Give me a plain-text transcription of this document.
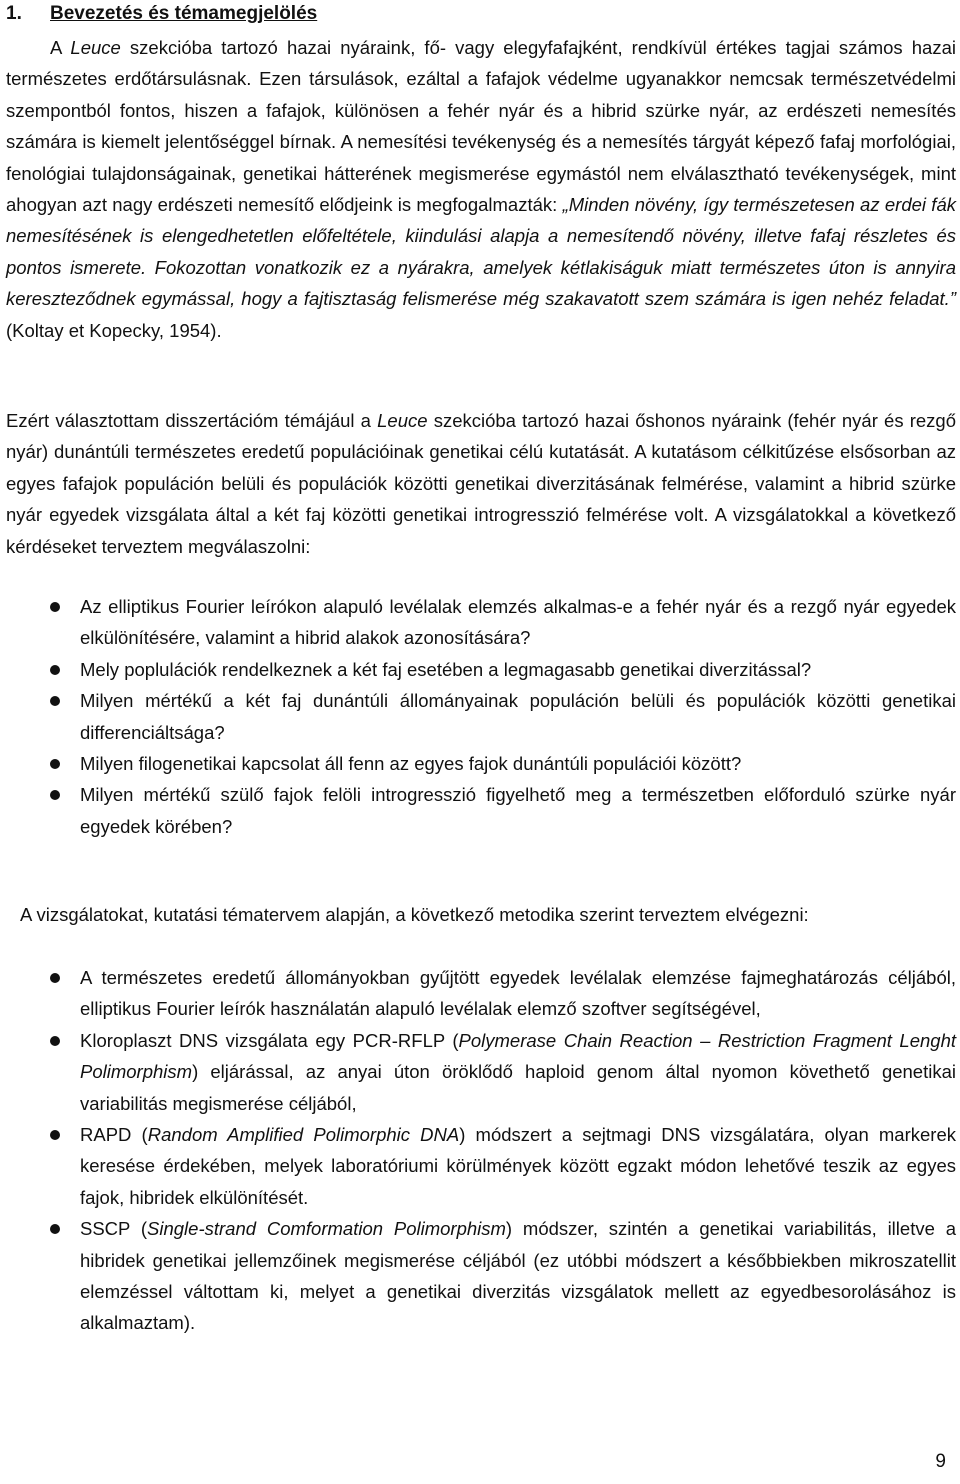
1. Bevezetés és témamegjelölés
A Leuce szekcióba tartozó hazai nyáraink, fő- vagy elegyfafajként, rendkívül értékes tagjai számos hazai természetes erdőtársulásnak. Ezen társulások, ezáltal a fafajok védelme ugyanakkor nemcsak természetvédelmi szempontból fontos, hiszen a fafajok, különösen a fehér nyár és a hibrid szürke nyár, az erdészeti nemesítés számára is kiemelt jelentőséggel bírnak. A nemesítési tevékenység és a nemesítés tárgyát képező fafaj morfológiai, fenológiai tulajdonságainak, genetikai hátterének megismerése egymástól nem elválasztható tevékenységek, mint ahogyan azt nagy erdészeti nemesítő elődjeink is megfogalmazták: „Minden növény, így természetesen az erdei fák nemesítésének is elengedhetetlen előfeltétele, kiindulási alapja a nemesítendő növény, illetve fafaj részletes és pontos ismerete. Fokozottan vonatkozik ez a nyárakra, amelyek kétlakiságuk miatt természetes úton is annyira kereszteződnek egymással, hogy a fajtisztaság felismerése még szakavatott szem számára is igen nehéz feladat.” (Koltay et Kopecky, 1954).
Ezért választottam disszertációm témájául a Leuce szekcióba tartozó hazai őshonos nyáraink (fehér nyár és rezgő nyár) dunántúli természetes eredetű populációinak genetikai célú kutatását. A kutatásom célkitűzése elsősorban az egyes fafajok populáción belüli és populációk közötti genetikai diverzitásának felmérése, valamint a hibrid szürke nyár egyedek vizsgálata által a két faj közötti genetikai introgresszió felmérése volt. A vizsgálatokkal a következő kérdéseket terveztem megválaszolni:
Az elliptikus Fourier leírókon alapuló levélalak elemzés alkalmas-e a fehér nyár és a rezgő nyár egyedek elkülönítésére, valamint a hibrid alakok azonosítására?
Mely poplulációk rendelkeznek a két faj esetében a legmagasabb genetikai diverzitással?
Milyen mértékű a két faj dunántúli állományainak populáción belüli és populációk közötti genetikai differenciáltsága?
Milyen filogenetikai kapcsolat áll fenn az egyes fajok dunántúli populációi között?
Milyen mértékű szülő fajok felöli introgresszió figyelhető meg a természetben előforduló szürke nyár egyedek körében?
A vizsgálatokat, kutatási tématervem alapján, a következő metodika szerint terveztem elvégezni:
A természetes eredetű állományokban gyűjtött egyedek levélalak elemzése fajmeghatározás céljából, elliptikus Fourier leírók használatán alapuló levélalak elemző szoftver segítségével,
Kloroplaszt DNS vizsgálata egy PCR-RFLP (Polymerase Chain Reaction – Restriction Fragment Lenght Polimorphism) eljárással, az anyai úton öröklődő haploid genom által nyomon követhető genetikai variabilitás megismerése céljából,
RAPD (Random Amplified Polimorphic DNA) módszert a sejtmagi DNS vizsgálatára, olyan markerek keresése érdekében, melyek laboratóriumi körülmények között egzakt módon lehetővé teszik az egyes fajok, hibridek elkülönítését.
SSCP (Single-strand Comformation Polimorphism) módszer, szintén a genetikai variabilitás, illetve a hibridek genetikai jellemzőinek megismerése céljából (ez utóbbi módszert a későbbiekben mikroszatellit elemzéssel váltottam ki, melyet a genetikai diverzitás vizsgálatok mellett az egyedbesorolásához is alkalmaztam).
9
